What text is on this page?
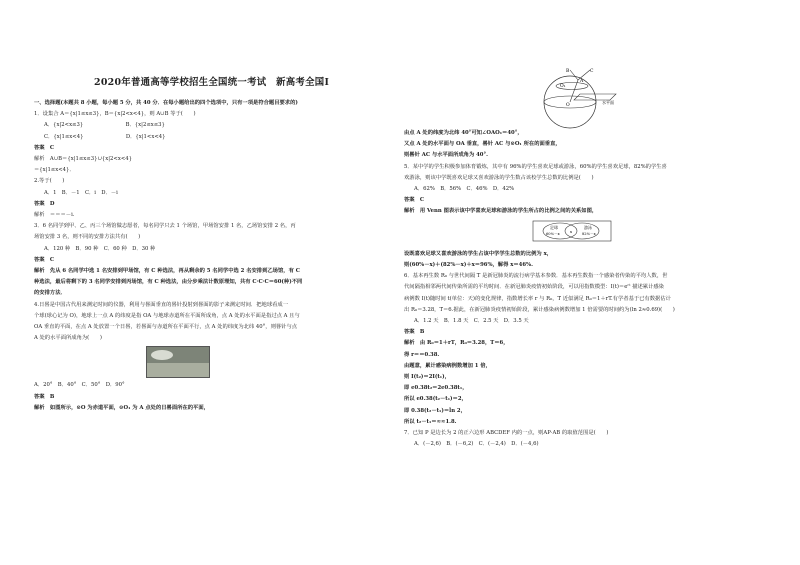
2020年普通高等学校招生全国统一考试　新高考全国Ⅰ

一、选择题(本题共 8 小题，每小题 5 分，共 40 分．在每小题给出的四个选项中，只有一项是符合题目要求的)

1．设集合 A＝{x|1≤x≤3}，B＝{x|2<x<4}，则 A∪B 等于(　　)

A．{x|2<x≤3}　　　　　　　　B．{x|2≤x≤3}

C．{x|1≤x<4}　　　　　　　　D．{x|1<x<4}

答案　C

解析　A∪B＝{x|1≤x≤3}∪{x|2<x<4}

＝{x|1≤x<4}．

2.等于(　　)

A．1　B．－1　C．i　D．－i

答案　D

解析　＝＝＝－i.

3．6 名同学到甲、乙、丙三个场馆做志愿者，每名同学只去 1 个场馆，甲场馆安排 1 名，乙场馆安排 2 名，丙

场馆安排 3 名，则不同的安排方法共有(　　)

A．120 种　B．90 种　C．60 种　D．30 种

答案　C

解析　先从 6 名同学中选 1 名安排到甲场馆，有 C 种选法，再从剩余的 5 名同学中选 2 名安排到乙场馆，有 C

种选法，最后将剩下的 3 名同学安排到丙场馆，有 C 种选法，由分步乘法计数原理知，共有 C·C·C＝60(种)不同

的安排方法．

4.日晷是中国古代用来测定时间的仪器，利用与晷面垂直的晷针投射到晷面的影子来测定时间．把地球看成一

个球(球心记为 O)，地球上一点 A 的纬度是指 OA 与地球赤道所在平面所成角，点 A 处的水平面是指过点 A 且与

OA 垂直的平面，在点 A 处放置一个日晷，若晷面与赤道所在平面平行，点 A 处的纬度为北纬 40°，则晷针与点

A 处的水平面所成角为(　　)

A．20°　B．40°　C．50°　D．90°

答案　B

解析　如图所示，⊙O 为赤道平面，⊙O₁ 为 A 点处的日晷面所在的平面，

O
A
O₁
B	C
水平面

由点 A 处的纬度为北纬 40°可知∠OAO₁＝40°，

又点 A 处的水平面与 OA 垂直，晷针 AC 与⊙O₁ 所在的面垂直，

则晷针 AC 与水平面所成角为 40°.

5．某中学的学生积极参加体育锻炼，其中有 96%的学生喜欢足球或游泳，60%的学生喜欢足球，82%的学生喜

欢游泳，则该中学既喜欢足球又喜欢游泳的学生数占该校学生总数的比例是(　　)

A．62%　B．56%　C．46%　D．42%

答案　C

解析　用 Venn 图表示该中学喜欢足球和游泳的学生所占的比例之间的关系如图，

足球
60%－x	x
游泳
82%－x

设既喜欢足球又喜欢游泳的学生占该中学学生总数的比例为 x，

则(60%－x)＋(82%－x)＋x＝96%，解得 x＝46%.

6．基本再生数 R₀ 与世代间隔 T 是新冠肺炎的流行病学基本参数．基本再生数指一个感染者传染的平均人数，世

代间隔指相邻两代间传染所需的平均时间．在新冠肺炎疫情初始阶段，可以用指数模型：I(t)＝eʳᵗ 描述累计感染

病例数 I(t)随时间 t(单位：天)的变化规律，指数增长率 r 与 R₀，T 近似满足 R₀＝1＋rT.有学者基于已有数据估计

出 R₀＝3.28，T＝6.据此，在新冠肺炎疫情初始阶段，累计感染病例数增加 1 倍需要的时间约为(ln 2≈0.69)(　　)

A．1.2 天　B．1.8 天　C．2.5 天　D．3.5 天

答案　B

解析　由 R₀＝1＋rT，R₀＝3.28，T＝6，

得 r＝＝0.38.

由题意，累计感染病例数增加 1 倍，

则 I(t₂)＝2I(t₁)，

即 e0.38t₂＝2e0.38t₁，

所以 e0.38(t₂－t₁)＝2，

即 0.38(t₂－t₁)＝ln 2，

所以 t₂－t₁＝≈≈1.8.

7．已知 P 是边长为 2 的正六边形 ABCDEF 内的一点，则AP·AB 的取值范围是(　　)

A．(－2,6)　B．(－6,2)　C．(－2,4)　D．(－4,6)
